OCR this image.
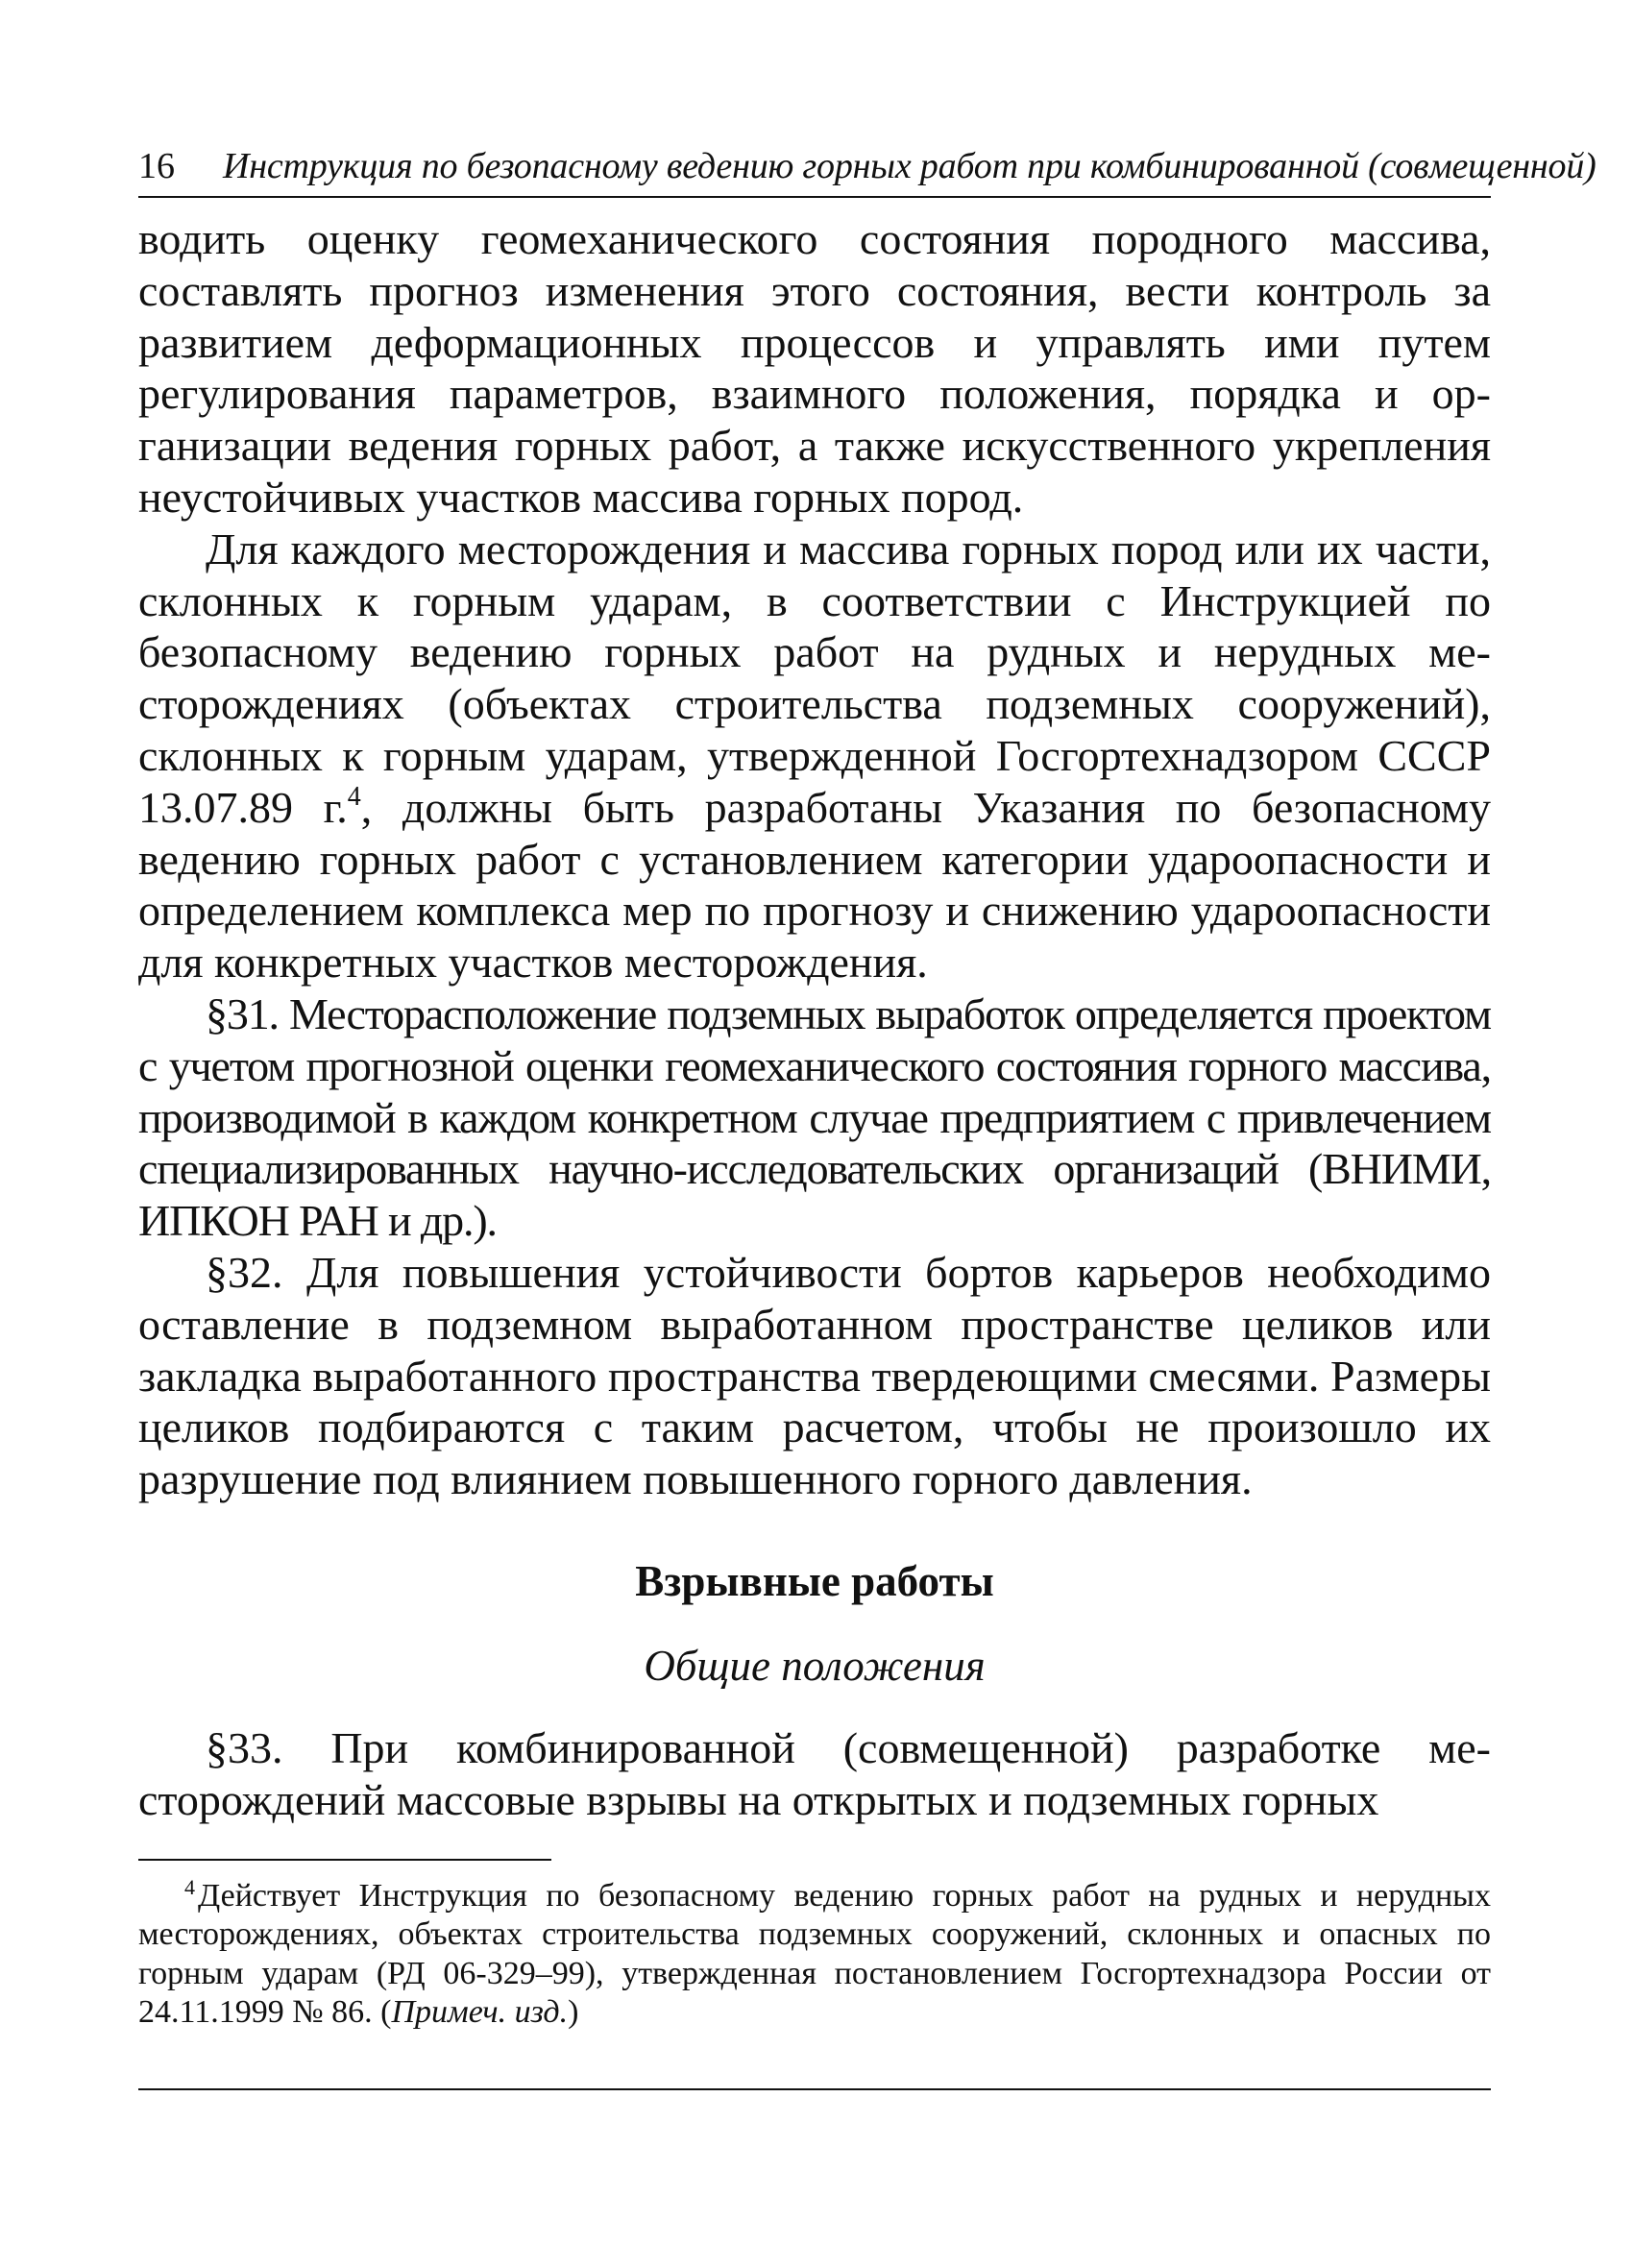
16	Инструкция по безопасному ведению горных работ при комбинированной (совмещенной)

водить оценку геомеханического состояния породного массива, составлять прогноз изменения этого состояния, вести контроль за развитием деформационных процессов и управлять ими путем регулирования параметров, взаимного положения, порядка и организации ведения горных работ, а также искусственного укрепления неустойчивых участков массива горных пород.

Для каждого месторождения и массива горных пород или их части, склонных к горным ударам, в соответствии с Инструкцией по безопасному ведению горных работ на рудных и нерудных месторождениях (объектах строительства подземных сооружений), склонных к горным ударам, утвержденной Госгортехнадзором СССР 13.07.89 г.$^4$, должны быть разработаны Указания по безопасному ведению горных работ с установлением категории удароопасности и определением комплекса мер по прогнозу и снижению удароопасности для конкретных участков месторождения.

§31. Месторасположение подземных выработок определяется проектом с учетом прогнозной оценки геомеханического состояния горного массива, производимой в каждом конкретном случае предприятием с привлечением специализированных научно-исследовательских организаций (ВНИМИ, ИПКОН РАН и др.).

§32. Для повышения устойчивости бортов карьеров необходимо оставление в подземном выработанном пространстве целиков или закладка выработанного пространства твердеющими смесями. Размеры целиков подбираются с таким расчетом, чтобы не произошло их разрушение под влиянием повышенного горного давления.

Взрывные работы
Общие положения

§33. При комбинированной (совмещенной) разработке месторождений массовые взрывы на открытых и подземных горных

$^4$Действует Инструкция по безопасному ведению горных работ на рудных и нерудных месторождениях, объектах строительства подземных сооружений, склонных и опасных по горным ударам (РД 06-329–99), утвержденная постановлением Госгортехнадзора России от 24.11.1999 № 86. (Примеч. изд.)
